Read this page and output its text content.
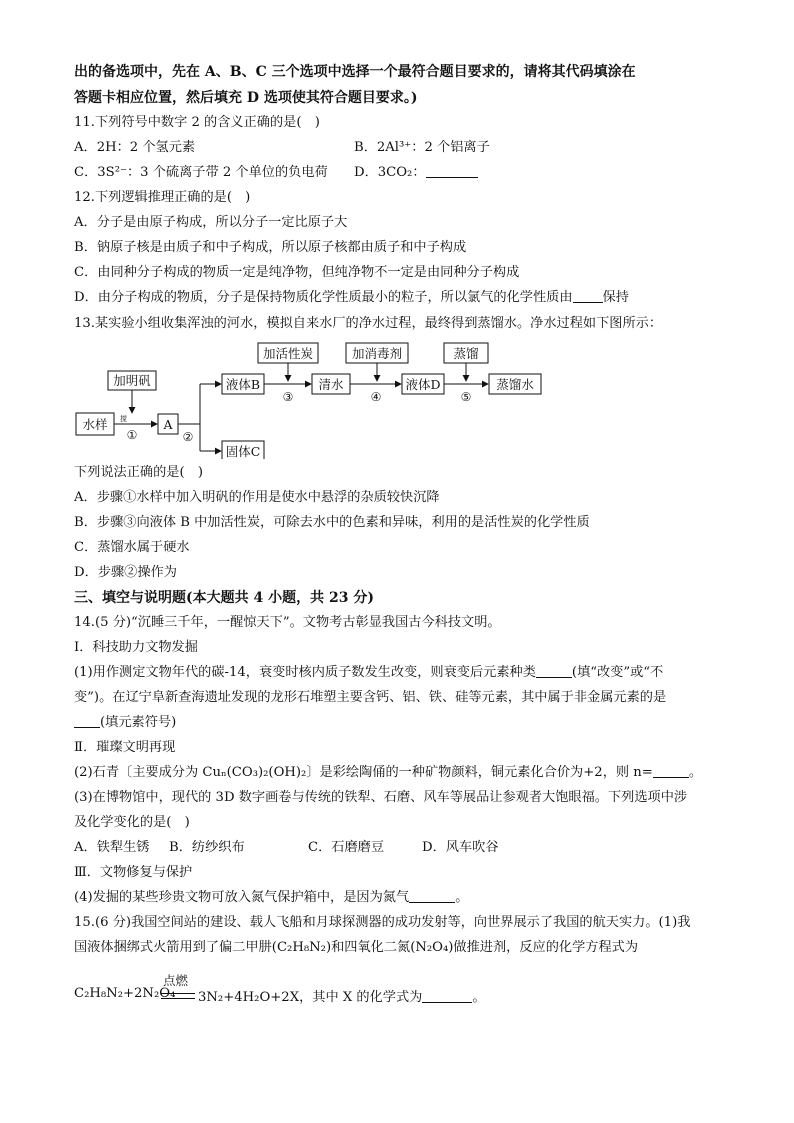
出的备选项中，先在 A、B、C 三个选项中选择一个最符合题目要求的，请将其代码填涂在
答题卡相应位置，然后填充 D 选项使其符合题目要求。)
11.下列符号中数字 2 的含义正确的是(　)
A．2H：2 个氢元素	B．2Al³⁺：2 个铝离子
C．3S²⁻：3 个硫离子带 2 个单位的负电荷 D．3CO₂：
12.下列逻辑推理正确的是(　)
A．分子是由原子构成，所以分子一定比原子大
B．钠原子核是由质子和中子构成，所以原子核都由质子和中子构成
C．由同种分子构成的物质一定是纯净物，但纯净物不一定是由同种分子构成
D．由分子构成的物质，分子是保持物质化学性质最小的粒子，所以氯气的化学性质由 保持
13.某实验小组收集浑浊的河水，模拟自来水厂的净水过程，最终得到蒸馏水。净水过程如下图所示：
加明矾
水样 搅
①
A
②
液体B
固体C
加活性炭
③
清水
加消毒剂
④
液体D
蒸馏
⑤
蒸馏水
下列说法正确的是(　)
A．步骤①水样中加入明矾的作用是使水中悬浮的杂质较快沉降
B．步骤③向液体 B 中加活性炭，可除去水中的色素和异味，利用的是活性炭的化学性质
C．蒸馏水属于硬水
D．步骤②操作为
三、填空与说明题(本大题共 4 小题，共 23 分)
14.(5 分)“沉睡三千年，一醒惊天下”。文物考古彰显我国古今科技文明。
Ⅰ．科技助力文物发掘
(1)用作测定文物年代的碳-14，衰变时核内质子数发生改变，则衰变后元素种类	(填“改变”或“不
变”)。在辽宁阜新查海遗址发现的龙形石堆塑主要含钙、铝、铁、硅等元素，其中属于非金属元素的是
(填元素符号)
Ⅱ．璀璨文明再现
(2)石青〔主要成分为 Cuₙ(CO₃)₂(OH)₂〕是彩绘陶俑的一种矿物颜料，铜元素化合价为+2，则 n=	。
(3)在博物馆中，现代的 3D 数字画卷与传统的铁犁、石磨、风车等展品让参观者大饱眼福。下列选项中涉
及化学变化的是(　)
A．铁犁生锈 B．纺纱织布	C．石磨磨豆	D．风车吹谷
Ⅲ．文物修复与保护
(4)发掘的某些珍贵文物可放入氮气保护箱中，是因为氮气	。
15.(6 分)我国空间站的建设、载人飞船和月球探测器的成功发射等，向世界展示了我国的航天实力。(1)我
国液体捆绑式火箭用到了偏二甲肼(C₂H₈N₂)和四氧化二氮(N₂O₄)做推进剂，反应的化学方程式为
C₂H₈N₂+2N₂O₄
点燃
3N₂+4H₂O+2X，其中 X 的化学式为	。
